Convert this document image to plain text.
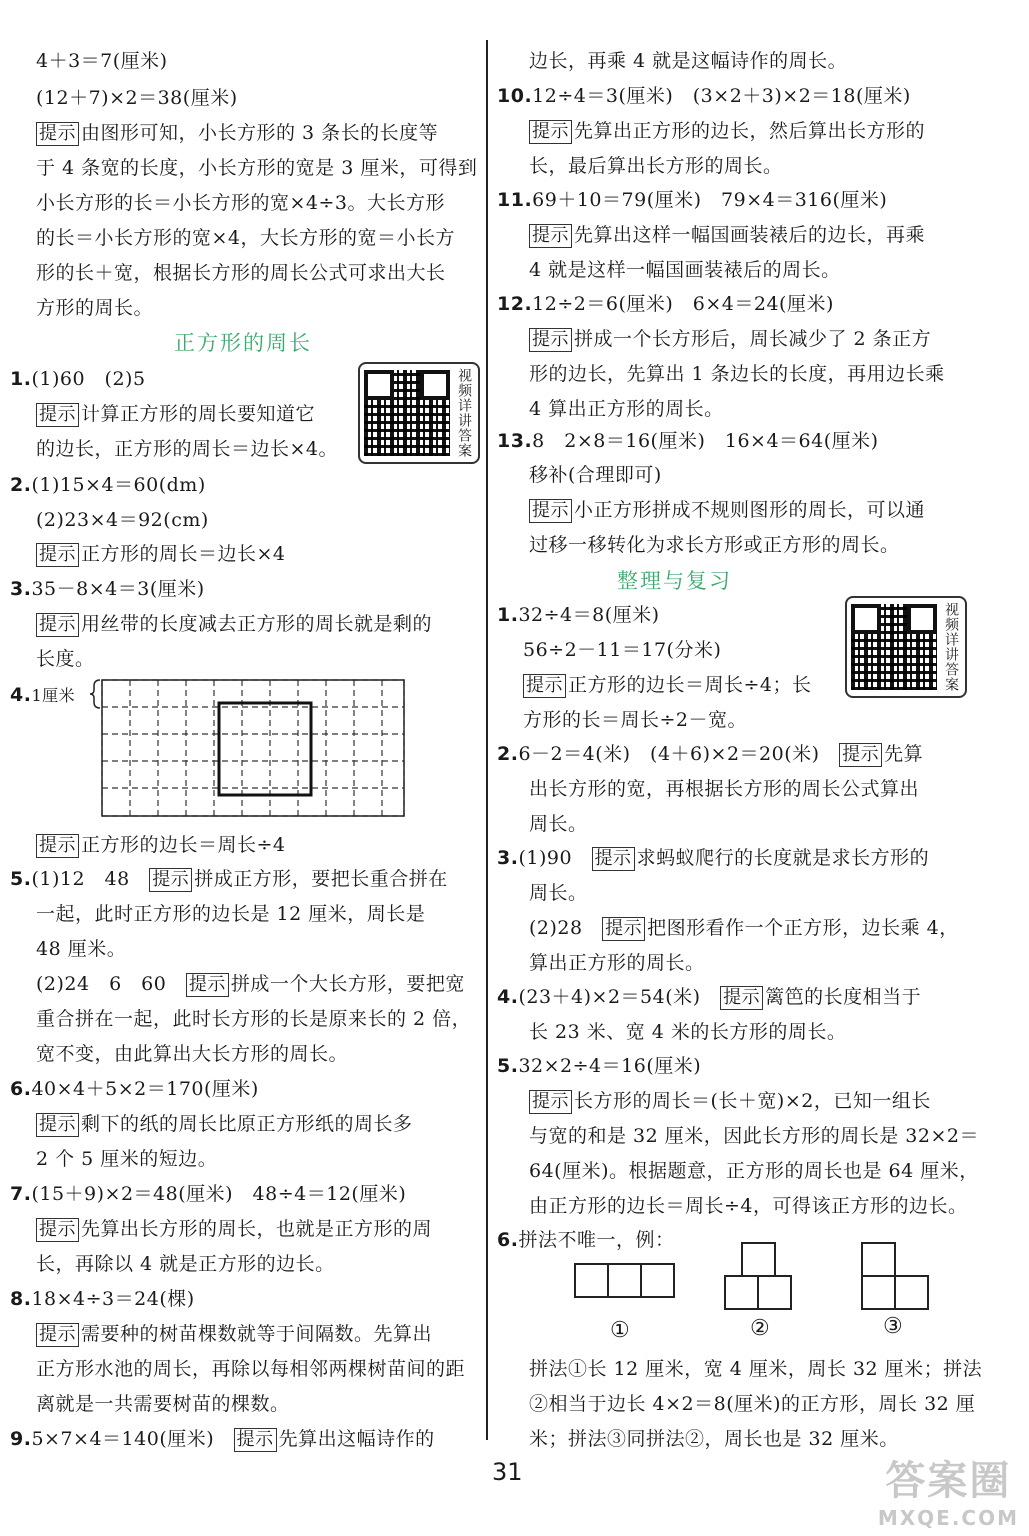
4＋3＝7(厘米)
(12＋7)×2＝38(厘米)
提示 由图形可知，小长方形的 3 条长的长度等
于 4 条宽的长度，小长方形的宽是 3 厘米，可得到
小长方形的长＝小长方形的宽×4÷3。大长方形
的长＝小长方形的宽×4，大长方形的宽＝小长方
形的长＋宽，根据长方形的周长公式可求出大长
方形的周长。
正方形的周长
1.(1)60　(2)5
提示 计算正方形的周长要知道它
的边长，正方形的周长＝边长×4。	视频详讲答案
2.(1)15×4＝60(dm)
(2)23×4＝92(cm)
提示 正方形的周长＝边长×4
3.35－8×4＝3(厘米)
提示 用丝带的长度减去正方形的周长就是剩的
长度。
4.1厘米
提示 正方形的边长＝周长÷4
5.(1)12　48　 提示 拼成正方形，要把长重合拼在
一起，此时正方形的边长是 12 厘米，周长是
48 厘米。
(2)24　6　60　 提示 拼成一个大长方形，要把宽
重合拼在一起，此时长方形的长是原来长的 2 倍，
宽不变，由此算出大长方形的周长。
6.40×4＋5×2＝170(厘米)
提示 剩下的纸的周长比原正方形纸的周长多
2 个 5 厘米的短边。
7.(15＋9)×2＝48(厘米)　48÷4＝12(厘米)
提示 先算出长方形的周长，也就是正方形的周
长，再除以 4 就是正方形的边长。
8.18×4÷3＝24(棵)
提示 需要种的树苗棵数就等于间隔数。先算出
正方形水池的周长，再除以每相邻两棵树苗间的距
离就是一共需要树苗的棵数。
9.5×7×4＝140(厘米)　 提示 先算出这幅诗作的
边长，再乘 4 就是这幅诗作的周长。
10.12÷4＝3(厘米)　(3×2＋3)×2＝18(厘米)
提示 先算出正方形的边长，然后算出长方形的
长，最后算出长方形的周长。
11.69＋10＝79(厘米)　79×4＝316(厘米)
提示 先算出这样一幅国画装裱后的边长，再乘
4 就是这样一幅国画装裱后的周长。
12.12÷2＝6(厘米)　6×4＝24(厘米)
提示 拼成一个长方形后，周长减少了 2 条正方
形的边长，先算出 1 条边长的长度，再用边长乘
4 算出正方形的周长。
13.8　2×8＝16(厘米)　16×4＝64(厘米)
移补(合理即可)
提示 小正方形拼成不规则图形的周长，可以通
过移一移转化为求长方形或正方形的周长。
整理与复习
1.32÷4＝8(厘米)
56÷2－11＝17(分米)
提示 正方形的边长＝周长÷4；长
方形的长＝周长÷2－宽。
视频详讲答案
2.6－2＝4(米)　(4＋6)×2＝20(米)　 提示 先算
出长方形的宽，再根据长方形的周长公式算出
周长。
3.(1)90　 提示 求蚂蚁爬行的长度就是求长方形的
周长。
(2)28　 提示 把图形看作一个正方形，边长乘 4，
算出正方形的周长。
4.(23＋4)×2＝54(米)　 提示 篱笆的长度相当于
长 23 米、宽 4 米的长方形的周长。
5.32×2÷4＝16(厘米)
提示 长方形的周长＝(长＋宽)×2，已知一组长
与宽的和是 32 厘米，因此长方形的周长是 32×2＝
64(厘米)。根据题意，正方形的周长也是 64 厘米，
由正方形的边长＝周长÷4，可得该正方形的边长。
6.拼法不唯一，例：
①	②	③
拼法①长 12 厘米，宽 4 厘米，周长 32 厘米；拼法
②相当于边长 4×2＝8(厘米)的正方形，周长 32 厘
米；拼法③同拼法②，周长也是 32 厘米。
31	答案圈
MXQE.COM
